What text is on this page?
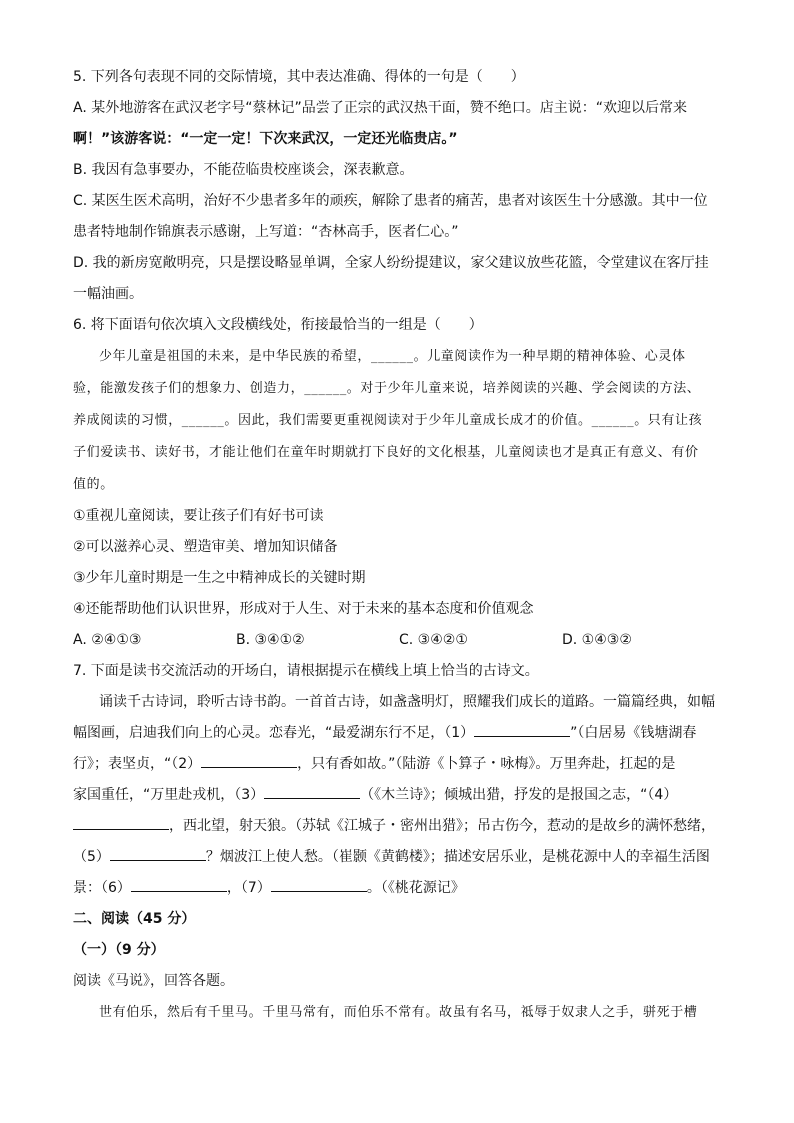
5. 下列各句表现不同的交际情境，其中表达准确、得体的一句是（　　）
A. 某外地游客在武汉老字号“蔡林记”品尝了正宗的武汉热干面，赞不绝口。店主说：“欢迎以后常来
啊！”该游客说：“一定一定！下次来武汉，一定还光临贵店。”
B. 我因有急事要办，不能莅临贵校座谈会，深表歉意。
C. 某医生医术高明，治好不少患者多年的顽疾，解除了患者的痛苦，患者对该医生十分感激。其中一位
患者特地制作锦旗表示感谢，上写道：“杏林高手，医者仁心。”
D. 我的新房宽敞明亮，只是摆设略显单调，全家人纷纷提建议，家父建议放些花篮，令堂建议在客厅挂
一幅油画。
6. 将下面语句依次填入文段横线处，衔接最恰当的一组是（　　）
少年儿童是祖国的未来，是中华民族的希望，______。儿童阅读作为一种早期的精神体验、心灵体
验，能激发孩子们的想象力、创造力，______。对于少年儿童来说，培养阅读的兴趣、学会阅读的方法、
养成阅读的习惯，______。因此，我们需要更重视阅读对于少年儿童成长成才的价值。______。只有让孩
子们爱读书、读好书，才能让他们在童年时期就打下良好的文化根基，儿童阅读也才是真正有意义、有价
值的。
①重视儿童阅读，要让孩子们有好书可读
②可以滋养心灵、塑造审美、增加知识储备
③少年儿童时期是一生之中精神成长的关键时期
④还能帮助他们认识世界，形成对于人生、对于未来的基本态度和价值观念
A. ②④①③	B. ③④①②	C. ③④②①	D. ①④③②
7. 下面是读书交流活动的开场白，请根据提示在横线上填上恰当的古诗文。
诵读千古诗词，聆听古诗书韵。一首首古诗，如盏盏明灯，照耀我们成长的道路。一篇篇经典，如幅
幅图画，启迪我们向上的心灵。恋春光，“最爱湖东行不足，（1）	”（白居易《钱塘湖春
行》；表坚贞，“（2）	，只有香如故。”（陆游《卜算子・咏梅》。万里奔赴，扛起的是
家国重任，“万里赴戎机，（3）	（《木兰诗》；倾城出猎，抒发的是报国之志，“（4）
，西北望，射天狼。（苏轼《江城子・密州出猎》；吊古伤今，惹动的是故乡的满怀愁绪，
（5）	？烟波江上使人愁。（崔颢《黄鹤楼》；描述安居乐业，是桃花源中人的幸福生活图
景：（6）	，（7）	。（《桃花源记》
二、阅读（45 分）
（一）（9 分）
阅读《马说》，回答各题。
世有伯乐，然后有千里马。千里马常有，而伯乐不常有。故虽有名马，祗辱于奴隶人之手，骈死于槽
